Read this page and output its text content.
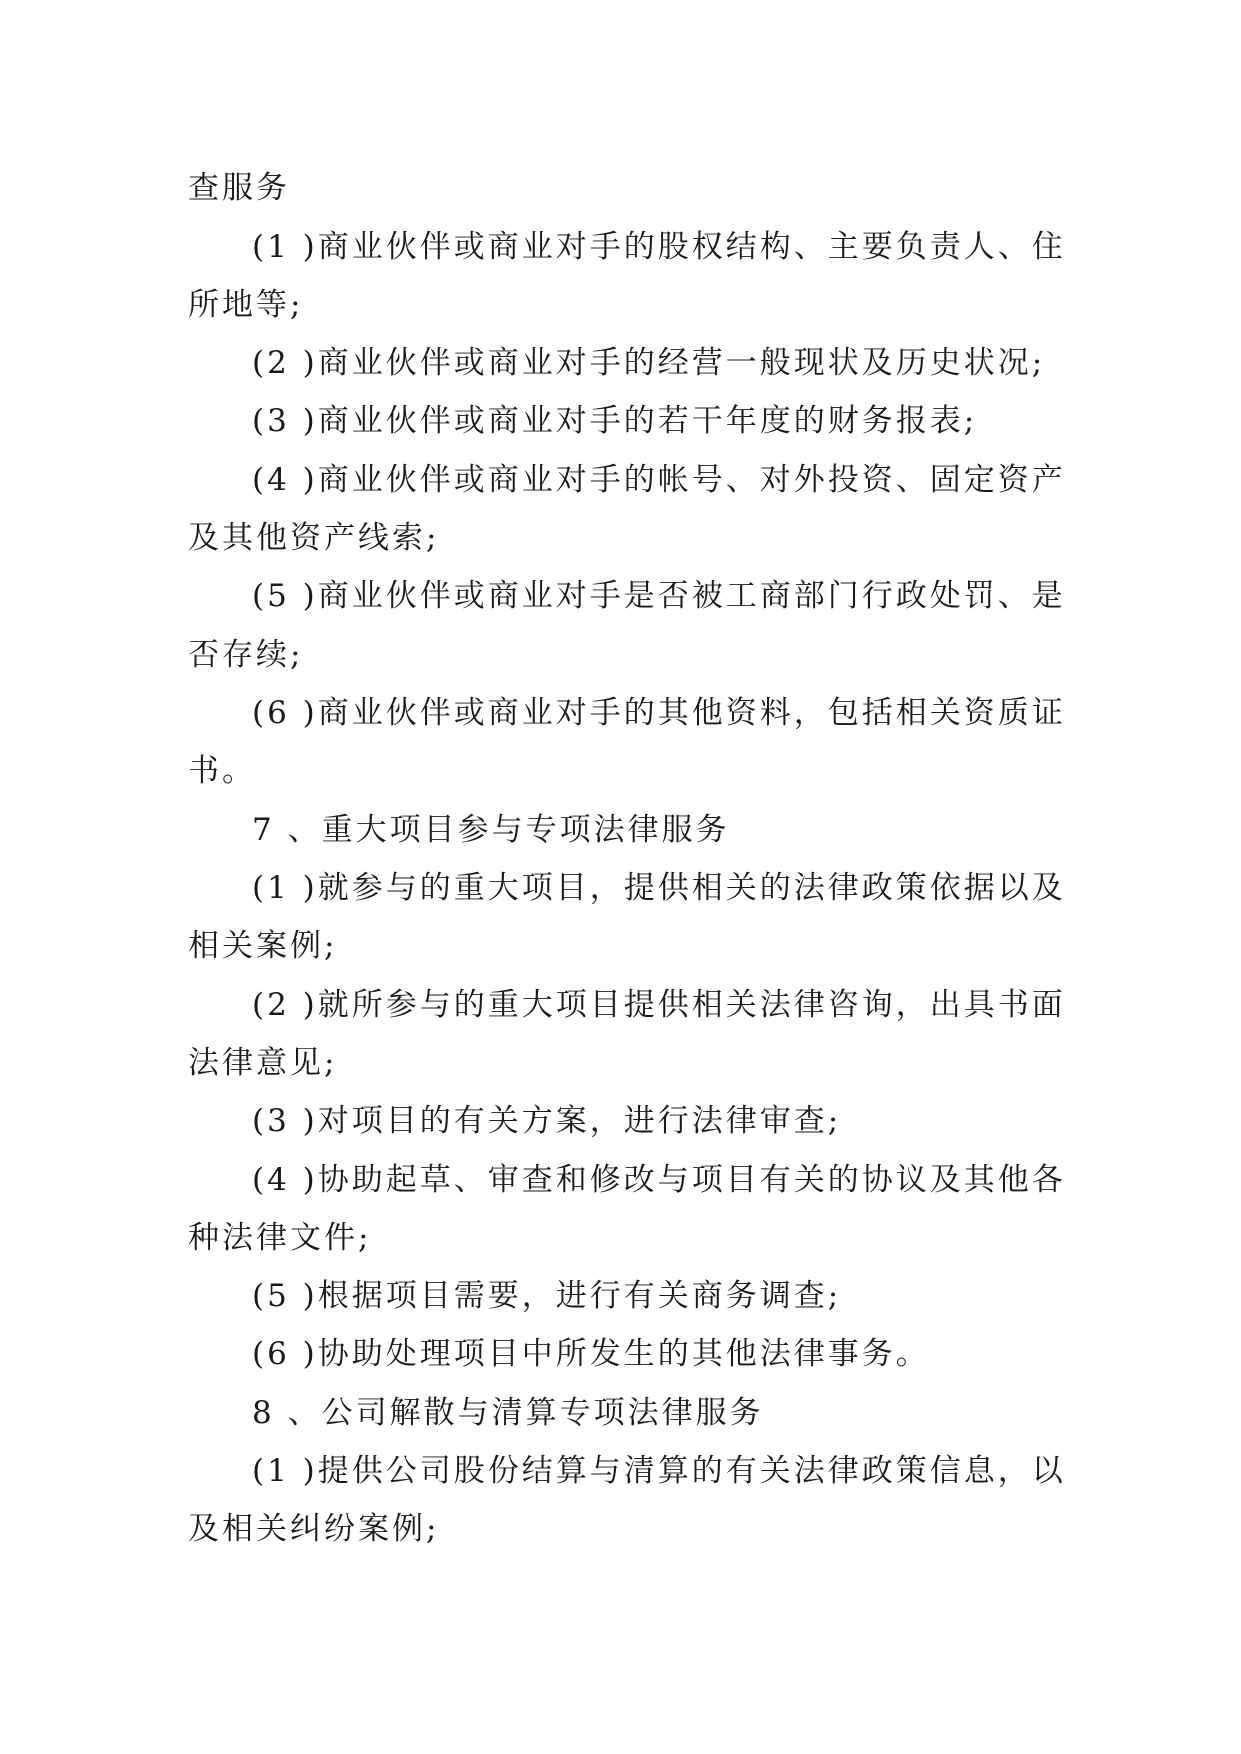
查服务
(1 )商业伙伴或商业对手的股权结构、主要负责人、住
所地等;
(2 )商业伙伴或商业对手的经营一般现状及历史状况;
(3 )商业伙伴或商业对手的若干年度的财务报表;
(4 )商业伙伴或商业对手的帐号、对外投资、固定资产
及其他资产线索;
(5 )商业伙伴或商业对手是否被工商部门行政处罚、是
否存续;
(6 )商业伙伴或商业对手的其他资料，包括相关资质证
书。
7 、重大项目参与专项法律服务
(1 )就参与的重大项目，提供相关的法律政策依据以及
相关案例;
(2 )就所参与的重大项目提供相关法律咨询，出具书面
法律意见;
(3 )对项目的有关方案，进行法律审查;
(4 )协助起草、审查和修改与项目有关的协议及其他各
种法律文件;
(5 )根据项目需要，进行有关商务调查;
(6 )协助处理项目中所发生的其他法律事务。
8 、公司解散与清算专项法律服务
(1 )提供公司股份结算与清算的有关法律政策信息，以
及相关纠纷案例;
